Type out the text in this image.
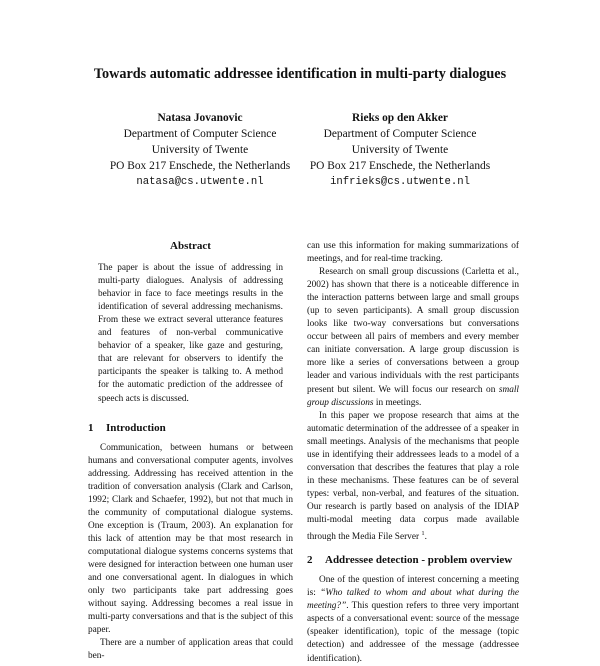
Towards automatic addressee identification in multi-party dialogues
Natasa Jovanovic
Department of Computer Science
University of Twente
PO Box 217 Enschede, the Netherlands
natasa@cs.utwente.nl
Rieks op den Akker
Department of Computer Science
University of Twente
PO Box 217 Enschede, the Netherlands
infrieks@cs.utwente.nl
Abstract

The paper is about the issue of addressing in multi-party dialogues. Analysis of addressing behavior in face to face meetings results in the identification of several addressing mechanisms. From these we extract several utterance features and features of non-verbal communicative behavior of a speaker, like gaze and gesturing, that are relevant for observers to identify the participants the speaker is talking to. A method for the automatic prediction of the addressee of speech acts is discussed.

1 Introduction

Communication, between humans or between humans and conversational computer agents, involves addressing. Addressing has received attention in the tradition of conversation analysis (Clark and Carlson, 1992; Clark and Schaefer, 1992), but not that much in the community of computational dialogue systems. One exception is (Traum, 2003). An explanation for this lack of attention may be that most research in computational dialogue systems concerns systems that were designed for interaction between one human user and one conversational agent. In dialogues in which only two participants take part addressing goes without saying. Addressing becomes a real issue in multi-party conversations and that is the subject of this paper.

There are a number of application areas that could ben-

can use this information for making summarizations of meetings, and for real-time tracking.

Research on small group discussions (Carletta et al., 2002) has shown that there is a noticeable difference in the interaction patterns between large and small groups (up to seven participants). A small group discussion looks like two-way conversations but conversations occur between all pairs of members and every member can initiate conversation. A large group discussion is more like a series of conversations between a group leader and various individuals with the rest participants present but silent. We will focus our research on small group discussions in meetings.

In this paper we propose research that aims at the automatic determination of the addressee of a speaker in small meetings. Analysis of the mechanisms that people use in identifying their addressees leads to a model of a conversation that describes the features that play a role in these mechanisms. These features can be of several types: verbal, non-verbal, and features of the situation. Our research is partly based on analysis of the IDIAP multi-modal meeting data corpus made available through the Media File Server $^1$.

2 Addressee detection - problem overview

One of the question of interest concerning a meeting is: “Who talked to whom and about what during the meeting?”. This question refers to three very important aspects of a conversational event: source of the message (speaker identification), topic of the message (topic detection) and addressee of the message (addressee identification).
